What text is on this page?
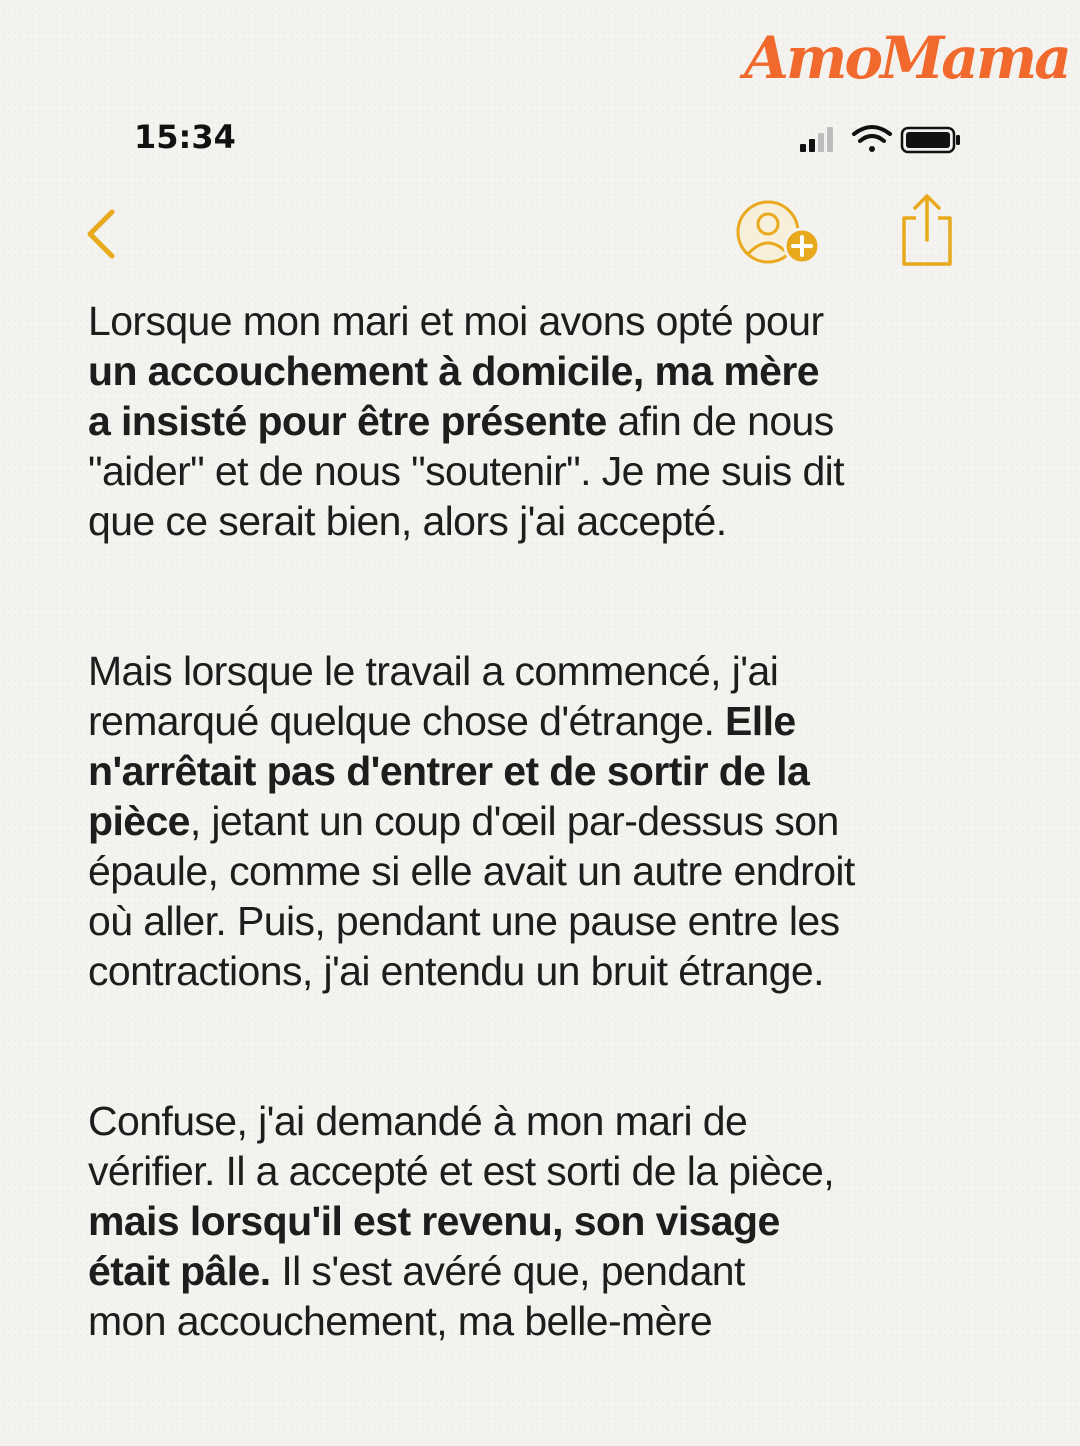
AmoMama
15:34

Lorsque mon mari et moi avons opté pour
un accouchement à domicile, ma mère
a insisté pour être présente afin de nous
"aider" et de nous "soutenir". Je me suis dit
que ce serait bien, alors j'ai accepté.

Mais lorsque le travail a commencé, j'ai
remarqué quelque chose d'étrange. Elle
n'arrêtait pas d'entrer et de sortir de la
pièce, jetant un coup d'œil par-dessus son
épaule, comme si elle avait un autre endroit
où aller. Puis, pendant une pause entre les
contractions, j'ai entendu un bruit étrange.

Confuse, j'ai demandé à mon mari de
vérifier. Il a accepté et est sorti de la pièce,
mais lorsqu'il est revenu, son visage
était pâle. Il s'est avéré que, pendant
mon accouchement, ma belle-mère
